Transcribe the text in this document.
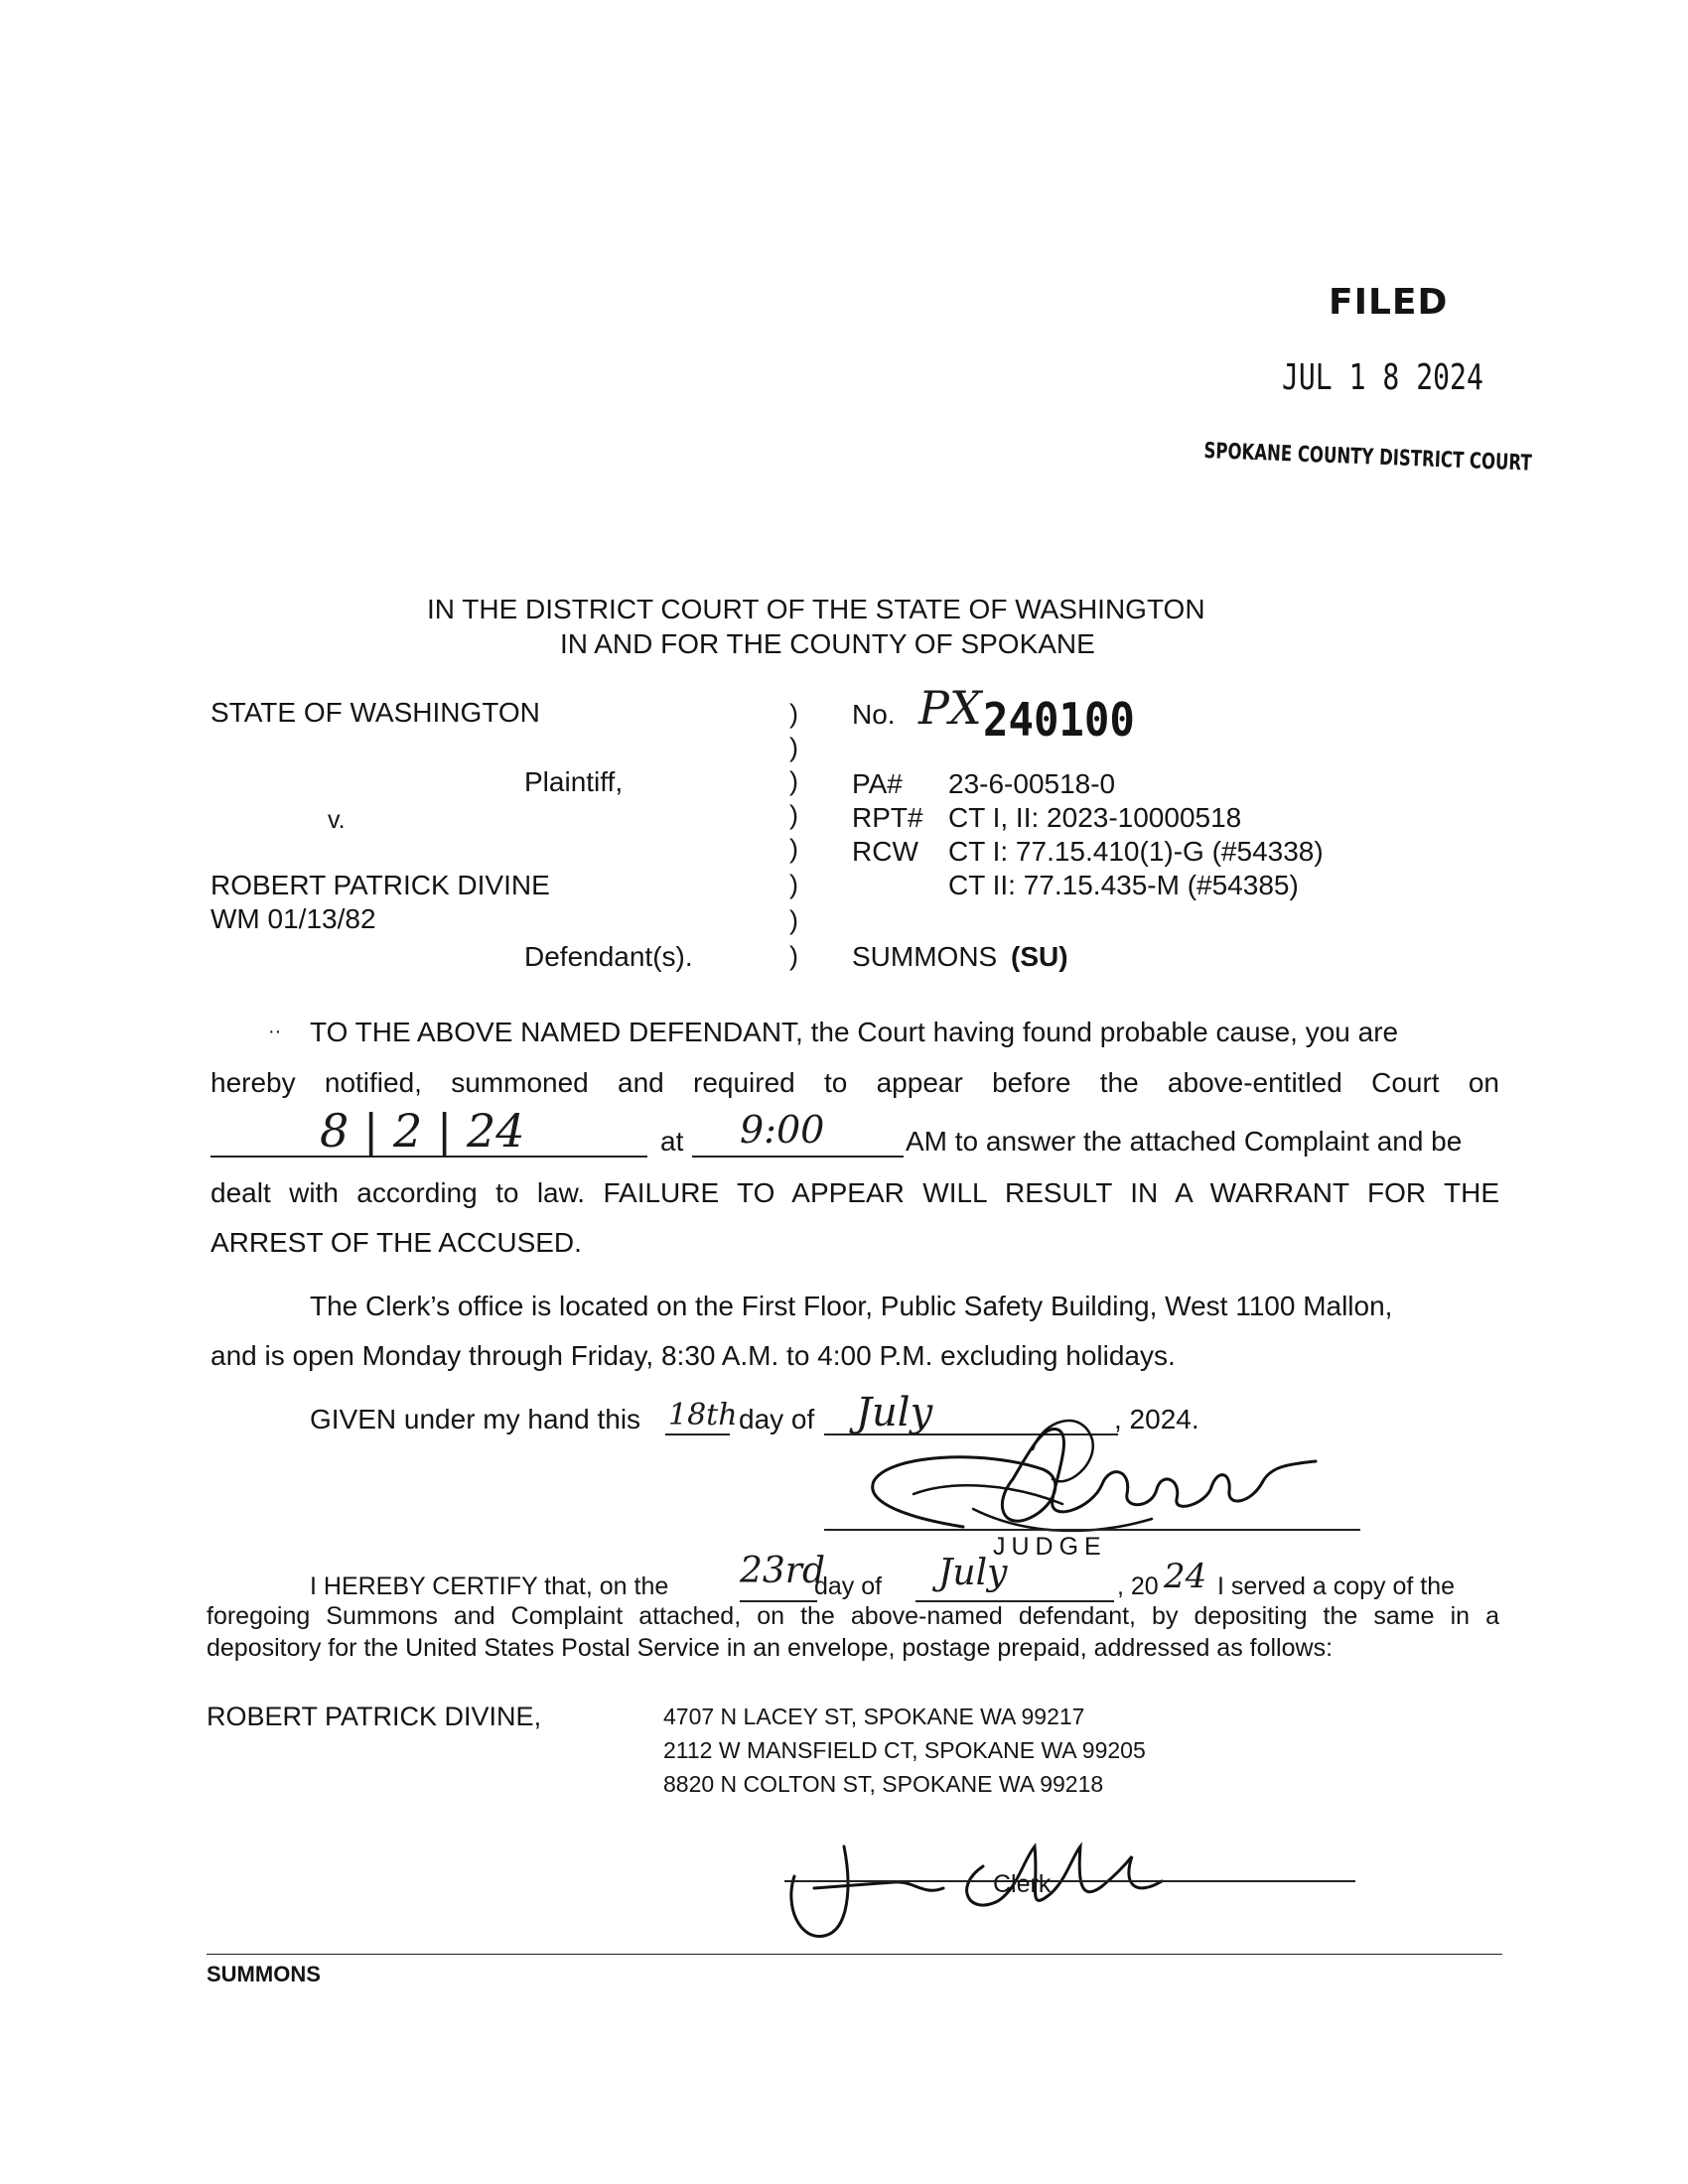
FILED
JUL 1 8 2024
SPOKANE COUNTY DISTRICT COURT
IN THE DISTRICT COURT OF THE STATE OF WASHINGTON
IN AND FOR THE COUNTY OF SPOKANE
STATE OF WASHINGTON
Plaintiff,
v.
ROBERT PATRICK DIVINE
WM 01/13/82
Defendant(s).
)
)
)
)
)
)
)
)
No. PX 240100
PA# 23-6-00518-0
RPT# CT I, II: 2023-10000518
RCW CT I: 77.15.410(1)-G (#54338)
CT II: 77.15.435-M (#54385)
SUMMONS (SU)
·· TO THE ABOVE NAMED DEFENDANT, the Court having found probable cause, you are
hereby notified, summoned and required to appear before the above-entitled Court on
8 | 2 | 24	at 9:00	AM to answer the attached Complaint and be
dealt with according to law. FAILURE TO APPEAR WILL RESULT IN A WARRANT FOR THE
ARREST OF THE ACCUSED.
The Clerk’s office is located on the First Floor, Public Safety Building, West 1100 Mallon,
and is open Monday through Friday, 8:30 A.M. to 4:00 P.M. excluding holidays.
GIVEN under my hand this 18th day of July	, 2024.
JUDGE
I HEREBY CERTIFY that, on the 23rd
day of July	, 20 24 I served a copy of the
foregoing Summons and Complaint attached, on the above-named defendant, by depositing the same in a
depository for the United States Postal Service in an envelope, postage prepaid, addressed as follows:
ROBERT PATRICK DIVINE,	4707 N LACEY ST, SPOKANE WA 99217
2112 W MANSFIELD CT, SPOKANE WA 99205
8820 N COLTON ST, SPOKANE WA 99218
Clerk
SUMMONS
